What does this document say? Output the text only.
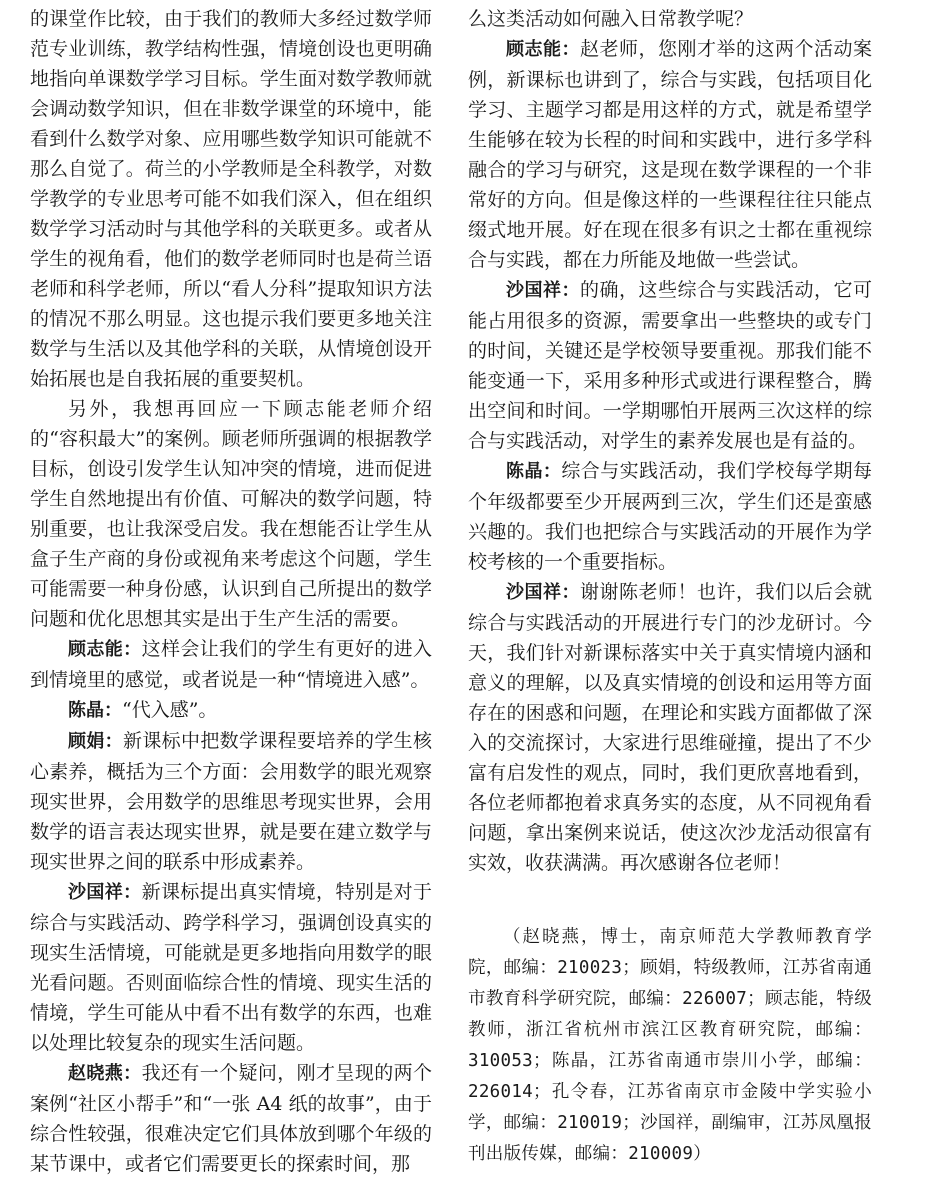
的课堂作比较，由于我们的教师大多经过数学师范专业训练，教学结构性强，情境创设也更明确地指向单课数学学习目标。学生面对数学教师就会调动数学知识，但在非数学课堂的环境中，能看到什么数学对象、应用哪些数学知识可能就不那么自觉了。荷兰的小学教师是全科教学，对数学教学的专业思考可能不如我们深入，但在组织数学学习活动时与其他学科的关联更多。或者从学生的视角看，他们的数学老师同时也是荷兰语老师和科学老师，所以“看人分科”提取知识方法的情况不那么明显。这也提示我们要更多地关注数学与生活以及其他学科的关联，从情境创设开始拓展也是自我拓展的重要契机。

另外，我想再回应一下顾志能老师介绍的“容积最大”的案例。顾老师所强调的根据教学目标，创设引发学生认知冲突的情境，进而促进学生自然地提出有价值、可解决的数学问题，特别重要，也让我深受启发。我在想能否让学生从盒子生产商的身份或视角来考虑这个问题，学生可能需要一种身份感，认识到自己所提出的数学问题和优化思想其实是出于生产生活的需要。

顾志能：这样会让我们的学生有更好的进入到情境里的感觉，或者说是一种“情境进入感”。

陈晶：“代入感”。

顾娟：新课标中把数学课程要培养的学生核心素养，概括为三个方面：会用数学的眼光观察现实世界，会用数学的思维思考现实世界，会用数学的语言表达现实世界，就是要在建立数学与现实世界之间的联系中形成素养。

沙国祥：新课标提出真实情境，特别是对于综合与实践活动、跨学科学习，强调创设真实的现实生活情境，可能就是更多地指向用数学的眼光看问题。否则面临综合性的情境、现实生活的情境，学生可能从中看不出有数学的东西，也难以处理比较复杂的现实生活问题。

赵晓燕：我还有一个疑问，刚才呈现的两个案例“社区小帮手”和“一张 A4 纸的故事”，由于综合性较强，很难决定它们具体放到哪个年级的某节课中，或者它们需要更长的探索时间，那

么这类活动如何融入日常教学呢？

顾志能：赵老师，您刚才举的这两个活动案例，新课标也讲到了，综合与实践，包括项目化学习、主题学习都是用这样的方式，就是希望学生能够在较为长程的时间和实践中，进行多学科融合的学习与研究，这是现在数学课程的一个非常好的方向。但是像这样的一些课程往往只能点缀式地开展。好在现在很多有识之士都在重视综合与实践，都在力所能及地做一些尝试。

沙国祥：的确，这些综合与实践活动，它可能占用很多的资源，需要拿出一些整块的或专门的时间，关键还是学校领导要重视。那我们能不能变通一下，采用多种形式或进行课程整合，腾出空间和时间。一学期哪怕开展两三次这样的综合与实践活动，对学生的素养发展也是有益的。

陈晶：综合与实践活动，我们学校每学期每个年级都要至少开展两到三次，学生们还是蛮感兴趣的。我们也把综合与实践活动的开展作为学校考核的一个重要指标。

沙国祥：谢谢陈老师！也许，我们以后会就综合与实践活动的开展进行专门的沙龙研讨。今天，我们针对新课标落实中关于真实情境内涵和意义的理解，以及真实情境的创设和运用等方面存在的困惑和问题，在理论和实践方面都做了深入的交流探讨，大家进行思维碰撞，提出了不少富有启发性的观点，同时，我们更欣喜地看到，各位老师都抱着求真务实的态度，从不同视角看问题，拿出案例来说话，使这次沙龙活动很富有实效，收获满满。再次感谢各位老师！

（赵晓燕，博士，南京师范大学教师教育学院，邮编：210023；顾娟，特级教师，江苏省南通市教育科学研究院，邮编：226007；顾志能，特级教师，浙江省杭州市滨江区教育研究院，邮编：310053；陈晶，江苏省南通市崇川小学，邮编：226014；孔令春，江苏省南京市金陵中学实验小学，邮编：210019；沙国祥，副编审，江苏凤凰报刊出版传媒，邮编：210009）
